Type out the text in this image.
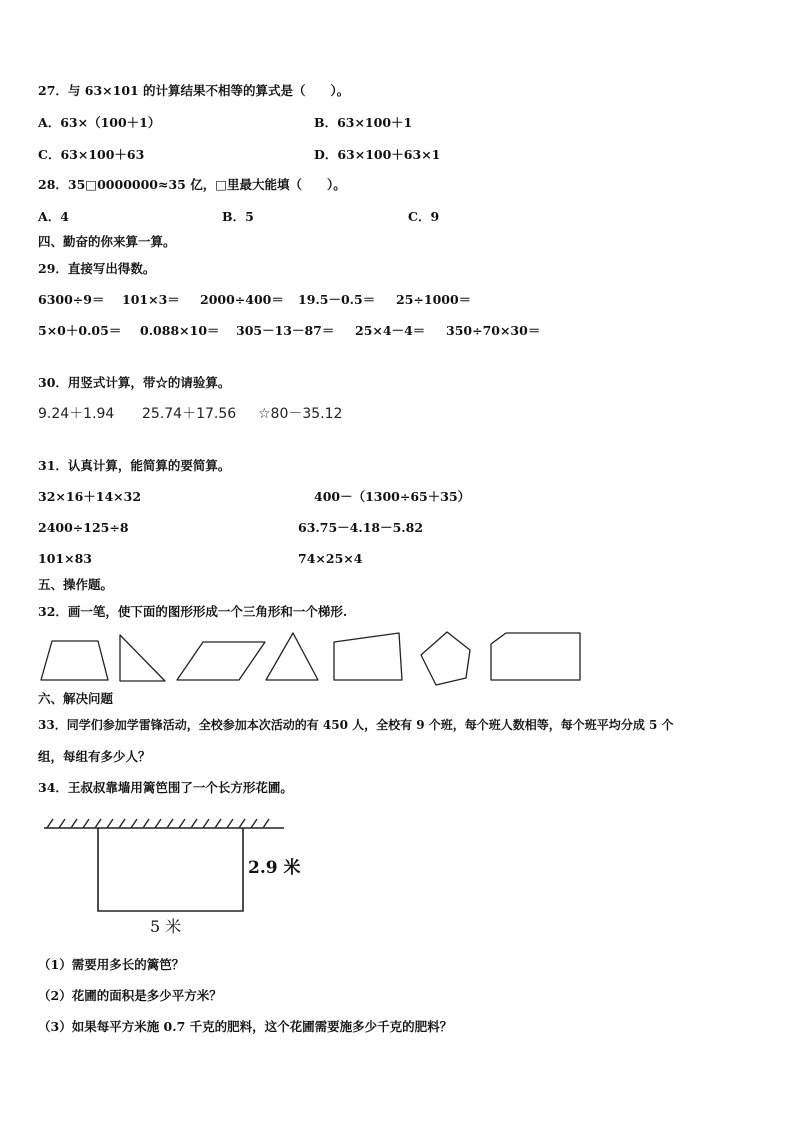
27．与 63×101 的计算结果不相等的算式是（　　）。
A．63×（100＋1）	B．63×100＋1
C．63×100＋63	D．63×100＋63×1
28．35□0000000≈35 亿，□里最大能填（　　）。
A．4	B．5	C．9
四、勤奋的你来算一算。
29．直接写出得数。
6300÷9＝ 101×3＝ 2000÷400＝ 19.5－0.5＝ 25÷1000＝
5×0＋0.05＝ 0.088×10＝ 305－13－87＝ 25×4－4＝ 350÷70×30＝
30．用竖式计算，带☆的请验算。
9.24＋1.94 25.74＋17.56 ☆80－35.12
31．认真计算，能简算的要简算。
32×16＋14×32	400－（1300÷65＋35）
2400÷125÷8	63.75－4.18－5.82
101×83	74×25×4
五、操作题。
32．画一笔，使下面的图形形成一个三角形和一个梯形.
2.9 米
5 米
六、解决问题
33．同学们参加学雷锋活动，全校参加本次活动的有 450 人，全校有 9 个班，每个班人数相等，每个班平均分成 5 个
组，每组有多少人？
34．王叔叔靠墙用篱笆围了一个长方形花圃。
（1）需要用多长的篱笆？
（2）花圃的面积是多少平方米？
（3）如果每平方米施 0.7 千克的肥料，这个花圃需要施多少千克的肥料？
